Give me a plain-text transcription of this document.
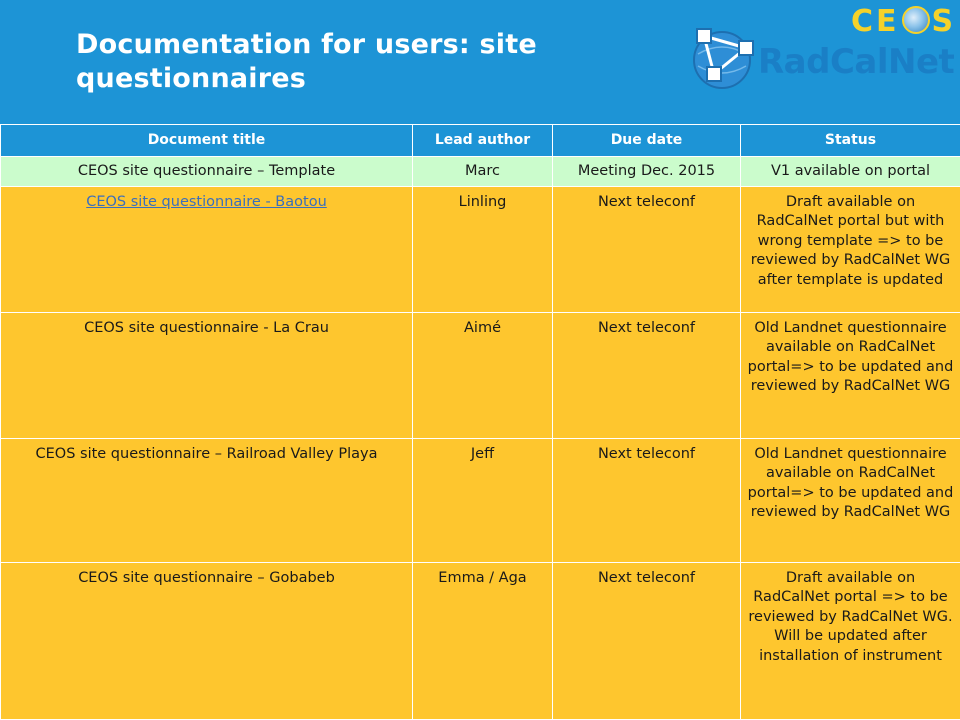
Documentation for users: site questionnaires
CE S
RadCalNet
Document title	Lead author	Due date	Status
CEOS site questionnaire – Template	Marc	Meeting Dec. 2015	V1 available on portal
CEOS site questionnaire - Baotou	Linling	Next teleconf	Draft available on RadCalNet portal but with wrong template => to be reviewed by RadCalNet WG after template is updated
CEOS site questionnaire - La Crau	Aimé	Next teleconf	Old Landnet questionnaire available on RadCalNet portal=> to be updated and reviewed by RadCalNet WG
CEOS site questionnaire – Railroad Valley Playa	Jeff	Next teleconf	Old Landnet questionnaire available on RadCalNet portal=> to be updated and reviewed by RadCalNet WG
CEOS site questionnaire – Gobabeb	Emma / Aga	Next teleconf	Draft available on RadCalNet portal => to be reviewed by RadCalNet WG. Will be updated after installation of instrument
